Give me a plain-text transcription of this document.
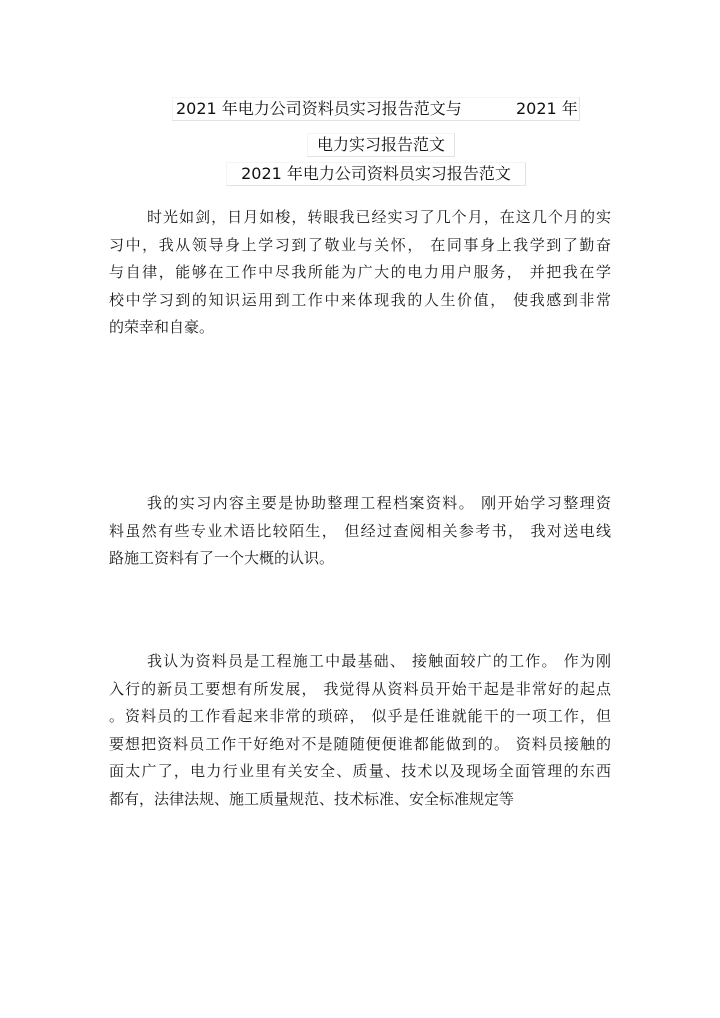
2021 年电力公司资料员实习报告范文与	2021 年
电力实习报告范文
2021 年电力公司资料员实习报告范文
时光如剑，日月如梭，转眼我已经实习了几个月，在这几个月的实
习中，我从领导身上学习到了敬业与关怀， 在同事身上我学到了勤奋
与自律，能够在工作中尽我所能为广大的电力用户服务， 并把我在学
校中学习到的知识运用到工作中来体现我的人生价值， 使我感到非常
的荣幸和自豪。
我的实习内容主要是协助整理工程档案资料。 刚开始学习整理资
料虽然有些专业术语比较陌生， 但经过查阅相关参考书， 我对送电线
路施工资料有了一个大概的认识。
我认为资料员是工程施工中最基础、 接触面较广的工作。 作为刚
入行的新员工要想有所发展， 我觉得从资料员开始干起是非常好的起点
。资料员的工作看起来非常的琐碎， 似乎是任谁就能干的一项工作，但
要想把资料员工作干好绝对不是随随便便谁都能做到的。 资料员接触的
面太广了，电力行业里有关安全、质量、技术以及现场全面管理的东西
都有，法律法规、施工质量规范、技术标准、安全标准规定等
